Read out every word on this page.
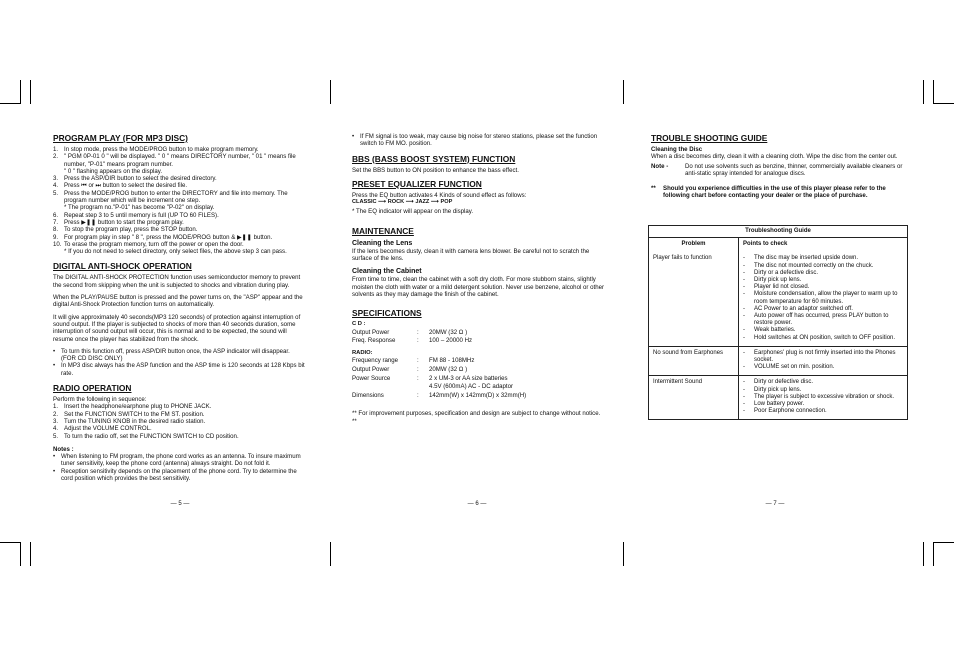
PROGRAM PLAY (FOR MP3 DISC)
1. In stop mode, press the MODE/PROG button to make program memory.
2. " PGM 0P-01 0 " will be displayed. " 0 " means DIRECTORY number, " 01 " means file number, "P-01" means program number.
" 0 " flashing appears on the display.
3. Press the ASP/DIR button to select the desired directory.
4. Press ⏮ or ⏭ button to select the desired file.
5. Press the MODE/PROG button to enter the DIRECTORY and file into memory. The program number which will be increment one step.
* The program no."P-01" has become "P-02" on display.
6. Repeat step 3 to 5 until memory is full (UP TO 60 FILES).
7. Press ▶❚❚ button to start the program play.
8. To stop the program play, press the STOP button.
9. For program play in step " 8 ", press the MODE/PROG button & ▶❚❚ button.
10. To erase the program memory, turn off the power or open the door.
* If you do not need to select directory, only select files, the above step 3 can pass.
DIGITAL ANTI-SHOCK OPERATION
The DIGITAL ANTI-SHOCK PROTECTION function uses semiconductor memory to prevent the second from skipping when the unit is subjected to shocks and vibration during play.
When the PLAY/PAUSE button is pressed and the power turns on, the "ASP" appear and the digital Anti-Shock Protection function turns on automatically.
It will give approximately 40 seconds(MP3 120 seconds) of protection against interruption of sound output. If the player is subjected to shocks of more than 40 seconds duration, some interruption of sound output will occur, this is normal and to be expected, the sound will resume once the player has stabilized from the shock.
• To turn this function off, press ASP/DIR button once, the ASP indicator will disappear. (FOR CD DISC ONLY)
• In MP3 disc always has the ASP function and the ASP time is 120 seconds at 128 Kbps bit rate.
RADIO OPERATION
Perform the following in sequence:
1. Insert the headphone/earphone plug to PHONE JACK.
2. Set the FUNCTION SWITCH to the FM ST. position.
3. Turn the TUNING KNOB in the desired radio station.
4. Adjust the VOLUME CONTROL.
5. To turn the radio off, set the FUNCTION SWITCH to CD position.
Notes :
• When listening to FM program, the phone cord works as an antenna. To insure maximum tuner sensitivity, keep the phone cord (antenna) always straight. Do not fold it.
• Reception sensitivity depends on the placement of the phone cord. Try to determine the cord position which provides the best sensitivity.
— 5 —
• If FM signal is too weak, may cause big noise for stereo stations, please set the function switch to FM MO. position.
BBS (BASS BOOST SYSTEM) FUNCTION
Set the BBS button to ON position to enhance the bass effect.
PRESET EQUALIZER FUNCTION
Press the EQ button activates 4 Kinds of sound effect as follows:
CLASSIC ⟶ ROCK ⟶ JAZZ ⟶ POP
* The EQ indicator will appear on the display.
MAINTENANCE
Cleaning the Lens
If the lens becomes dusty, clean it with camera lens blower. Be careful not to scratch the surface of the lens.
Cleaning the Cabinet
From time to time, clean the cabinet with a soft dry cloth. For more stubborn stains, slightly moisten the cloth with water or a mild detergent solution. Never use benzene, alcohol or other solvents as they may damage the finish of the cabinet.
SPECIFICATIONS
C D :
Output Power	:	20MW (32 Ω )
Freq. Response	:	100 – 20000 Hz
RADIO:
Frequency range	:	FM 88 - 108MHz
Output Power	:	20MW (32 Ω )
Power Source	:	2 x UM-3 or AA size batteries
4.5V (600mA) AC - DC adaptor
Dimensions	:	142mm(W) x 142mm(D) x 32mm(H)
** For improvement purposes, specification and design are subject to change without notice. **
— 6 —
TROUBLE SHOOTING GUIDE
Cleaning the Disc
When a disc becomes dirty, clean it with a cleaning cloth. Wipe the disc from the center out.
Note -	Do not use solvents such as benzine, thinner, commercially available cleaners or anti-static spray intended for analogue discs.
**	Should you experience difficulties in the use of this player please refer to the following chart before contacting your dealer or the place of purchase.
Troubleshooting Guide
Problem	Points to check
Player fails to function	-	The disc may be inserted upside down.
-	The disc not mounted correctly on the chuck.
-	Dirty or a defective disc.
-	Dirty pick up lens.
-	Player lid not closed.
-	Moisture condensation, allow the player to warm up to room temperature for 60 minutes.
-	AC Power to an adaptor switched off.
-	Auto power off has occurred, press PLAY button to restore power.
-	Weak batteries.
-	Hold switches at ON position, switch to OFF position.
No sound from Earphones	-	Earphones' plug is not firmly inserted into the Phones socket.
-	VOLUME set on min. position.
Intermittent Sound	-	Dirty or defective disc.
-	Dirty pick up lens.
-	The player is subject to excessive vibration or shock.
-	Low battery power.
-	Poor Earphone connection.
— 7 —
